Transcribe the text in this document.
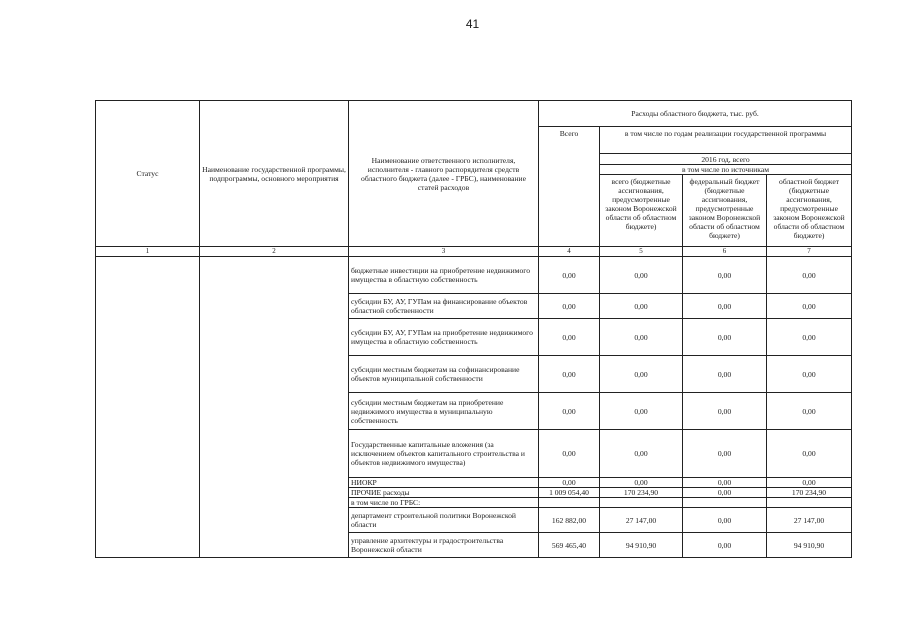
41
Статус	Наименование государственной программы, подпрограммы, основного мероприятия	Наименование ответственного исполнителя, исполнителя - главного распорядителя средств областного бюджета (далее - ГРБС), наименование статей расходов	Расходы областного бюджета, тыс. руб.			
			Всего	в том числе по годам реализации государственной программы		
				2016 год, всего		
				в том числе по источникам		
				всего (бюджетные ассигнования, предусмотренные законом Воронежской области об областном бюджете)	федеральный бюджет (бюджетные ассигнования, предусмотренные законом Воронежской области об областном бюджете)	областной бюджет (бюджетные ассигнования, предусмотренные законом Воронежской области об областном бюджете)
1	2	3	4	5	6	7
		бюджетные инвестиции на приобретение недвижимого имущества в областную собственность	0,00	0,00	0,00	0,00
		субсидии БУ, АУ, ГУПам на финансирование объектов областной собственности	0,00	0,00	0,00	0,00
		субсидии БУ, АУ, ГУПам на приобретение недвижимого имущества в областную собственность	0,00	0,00	0,00	0,00
		субсидии местным бюджетам на софинансирование объектов муниципальной собственности	0,00	0,00	0,00	0,00
		субсидии местным бюджетам на приобретение недвижимого имущества в муниципальную собственность	0,00	0,00	0,00	0,00
		Государственные капитальные вложения (за исключением объектов капитального строительства и объектов недвижимого имущества)	0,00	0,00	0,00	0,00
		НИОКР	0,00	0,00	0,00	0,00
		ПРОЧИЕ расходы	1 009 054,40	170 234,90	0,00	170 234,90
		в том числе по ГРБС:				
		департамент строительной политики Воронежской области	162 882,00	27 147,00	0,00	27 147,00
		управление архитектуры и градостроительства Воронежской области	569 465,40	94 910,90	0,00	94 910,90
